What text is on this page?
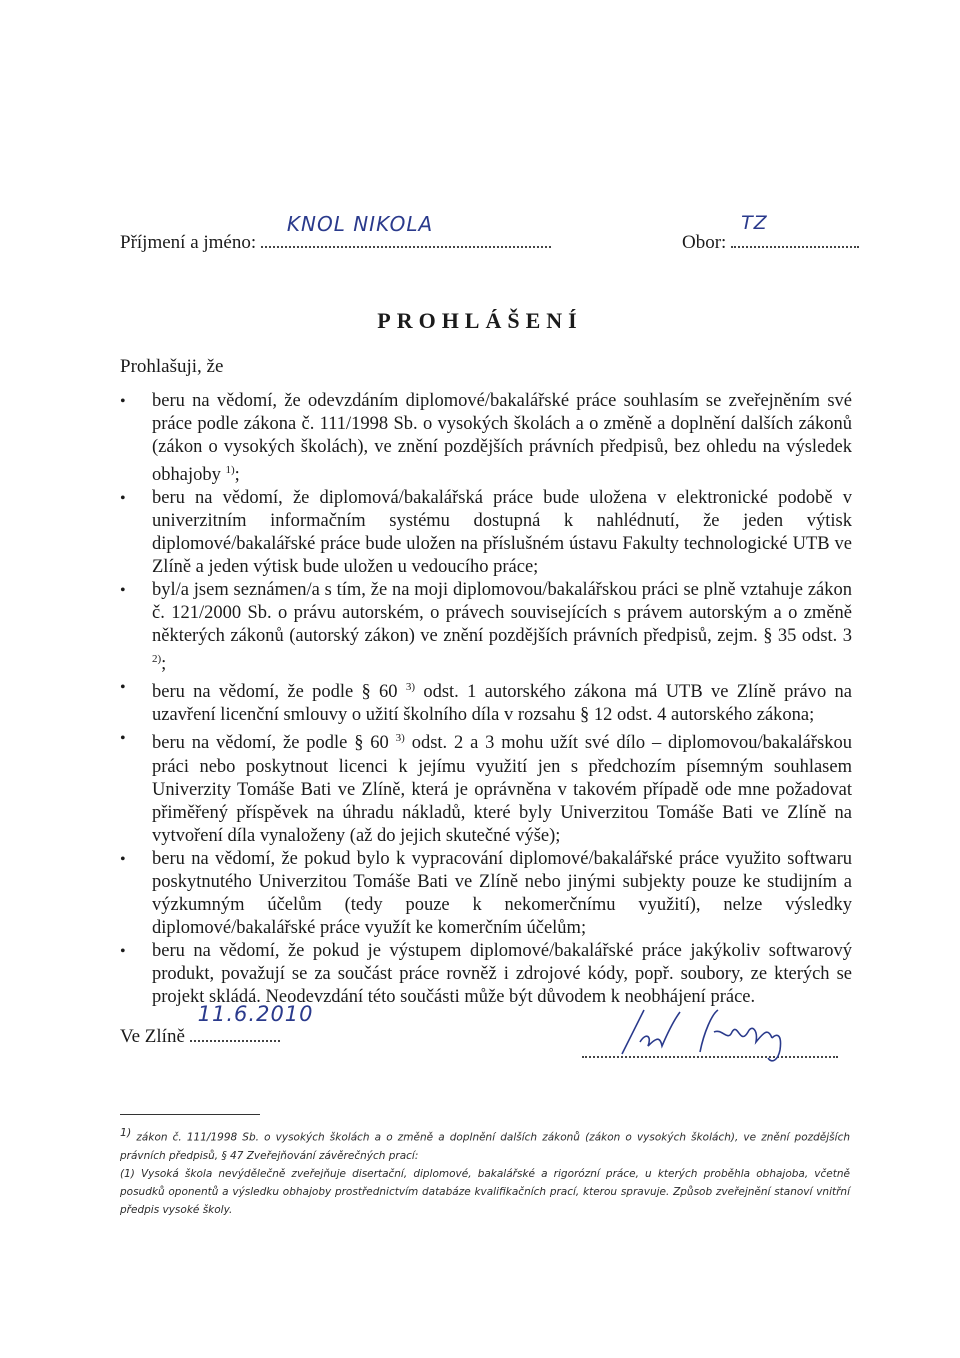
Příjmení a jméno:
KNOL NIKOLA
Obor:
TZ
PROHLÁŠENÍ
Prohlašuji, že
• beru na vědomí, že odevzdáním diplomové/bakalářské práce souhlasím se zveřejněním své práce podle zákona č. 111/1998 Sb. o vysokých školách a o změně a doplnění dalších zákonů (zákon o vysokých školách), ve znění pozdějších právních předpisů, bez ohledu na výsledek obhajoby $^{1)}$;
• beru na vědomí, že diplomová/bakalářská práce bude uložena v elektronické podobě v univerzitním informačním systému dostupná k nahlédnutí, že jeden výtisk diplomové/bakalářské práce bude uložen na příslušném ústavu Fakulty technologické UTB ve Zlíně a jeden výtisk bude uložen u vedoucího práce;
• byl/a jsem seznámen/a s tím, že na moji diplomovou/bakalářskou práci se plně vztahuje zákon č. 121/2000 Sb. o právu autorském, o právech souvisejících s právem autorským a o změně některých zákonů (autorský zákon) ve znění pozdějších právních předpisů, zejm. § 35 odst. 3 $^{2)}$;
• beru na vědomí, že podle § 60 $^{3)}$ odst. 1 autorského zákona má UTB ve Zlíně právo na uzavření licenční smlouvy o užití školního díla v rozsahu § 12 odst. 4 autorského zákona;
• beru na vědomí, že podle § 60 $^{3)}$ odst. 2 a 3 mohu užít své dílo – diplomovou/bakalářskou práci nebo poskytnout licenci k jejímu využití jen s předchozím písemným souhlasem Univerzity Tomáše Bati ve Zlíně, která je oprávněna v takovém případě ode mne požadovat přiměřený příspěvek na úhradu nákladů, které byly Univerzitou Tomáše Bati ve Zlíně na vytvoření díla vynaloženy (až do jejich skutečné výše);
• beru na vědomí, že pokud bylo k vypracování diplomové/bakalářské práce využito softwaru poskytnutého Univerzitou Tomáše Bati ve Zlíně nebo jinými subjekty pouze ke studijním a výzkumným účelům (tedy pouze k nekomerčnímu využití), nelze výsledky diplomové/bakalářské práce využít ke komerčním účelům;
• beru na vědomí, že pokud je výstupem diplomové/bakalářské práce jakýkoliv softwarový produkt, považují se za součást práce rovněž i zdrojové kódy, popř. soubory, ze kterých se projekt skládá. Neodevzdání této součásti může být důvodem k neobhájení práce.
Ve Zlíně
11.6.2010

$^{1)}$ zákon č. 111/1998 Sb. o vysokých školách a o změně a doplnění dalších zákonů (zákon o vysokých školách), ve znění pozdějších právních předpisů, § 47 Zveřejňování závěrečných prací:

(1) Vysoká škola nevýdělečně zveřejňuje disertační, diplomové, bakalářské a rigorózní práce, u kterých proběhla obhajoba, včetně posudků oponentů a výsledku obhajoby prostřednictvím databáze kvalifikačních prací, kterou spravuje. Způsob zveřejnění stanoví vnitřní předpis vysoké školy.
